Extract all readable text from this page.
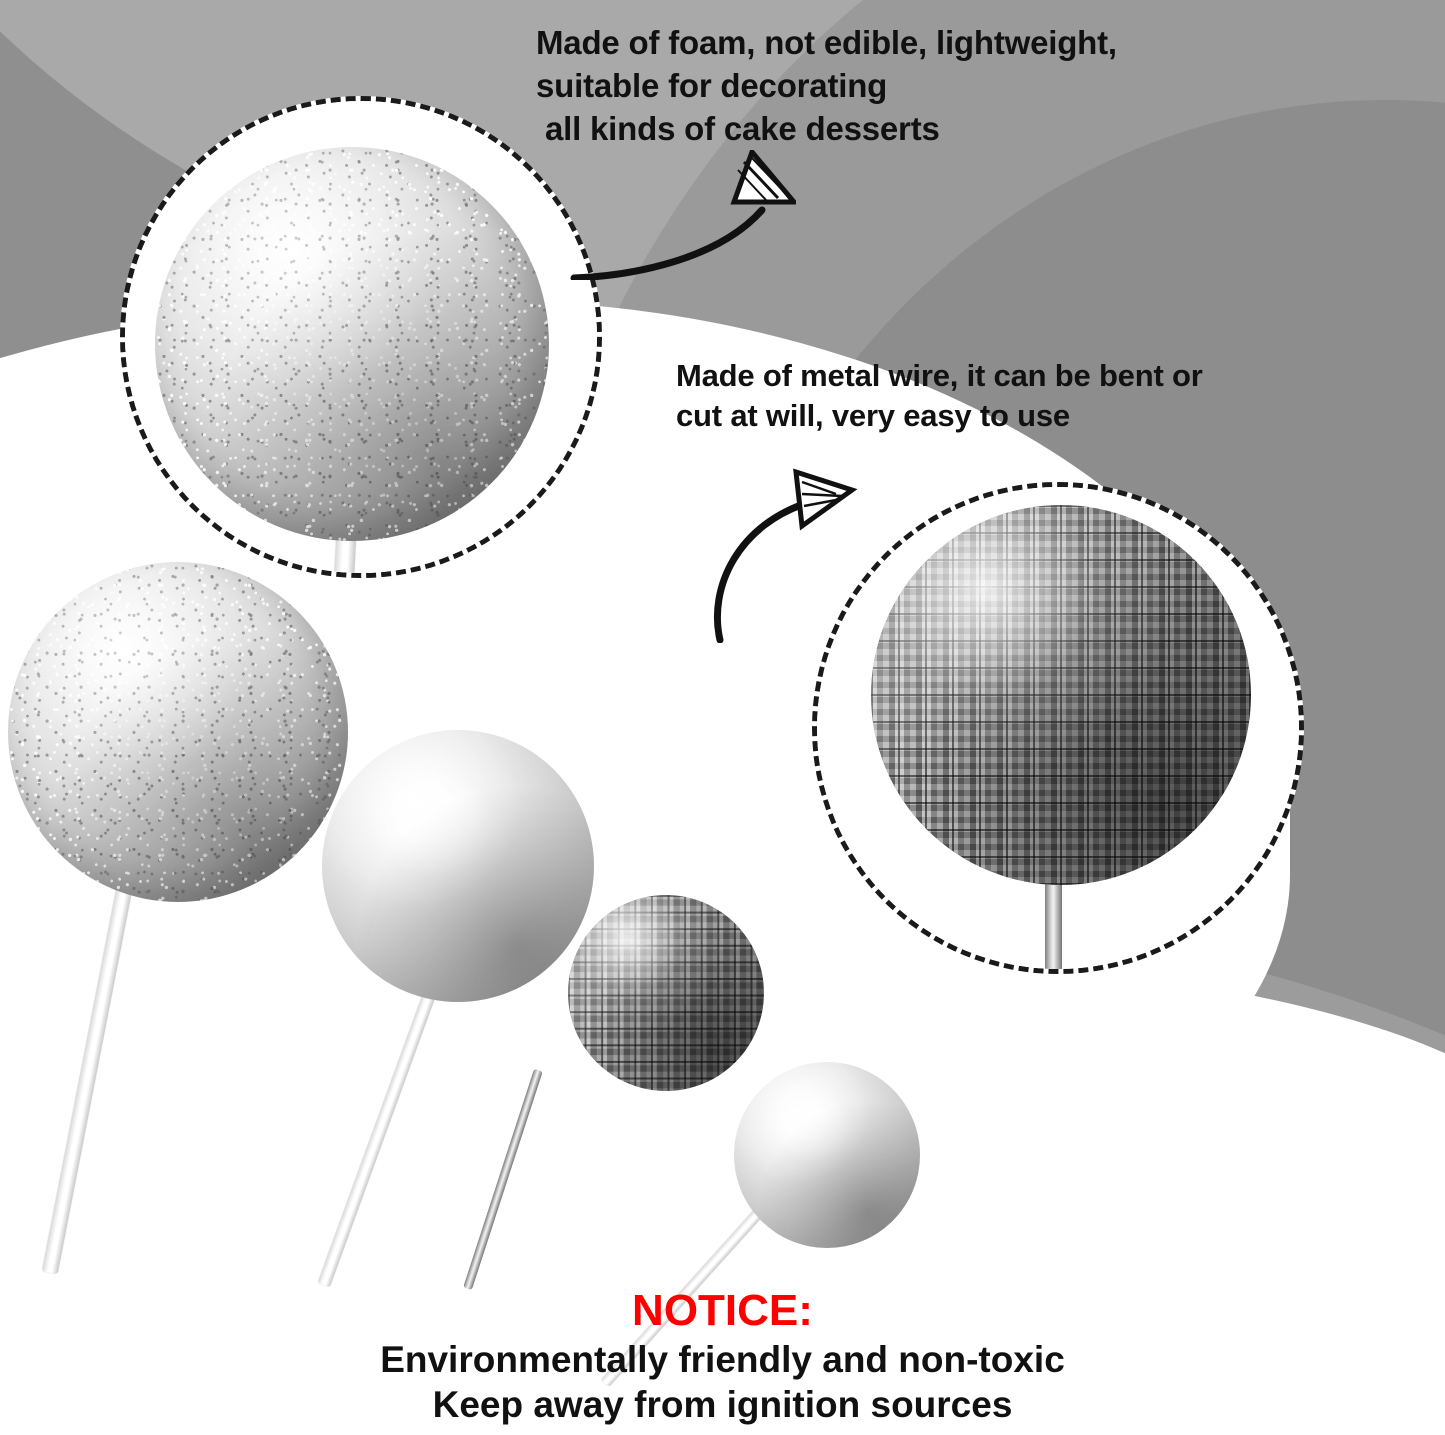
Made of foam, not edible, lightweight,
suitable for decorating
all kinds of cake desserts
Made of metal wire, it can be bent or
cut at will, very easy to use
NOTICE:
Environmentally friendly and non-toxic
Keep away from ignition sources
